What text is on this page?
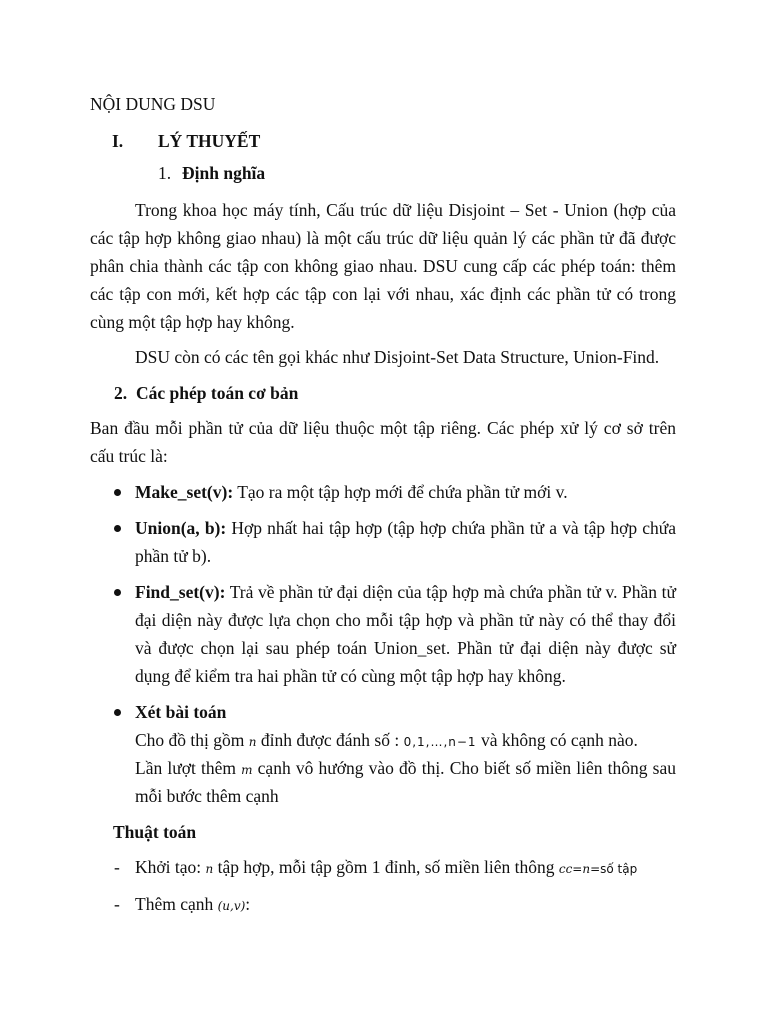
NỘI DUNG DSU
I. LÝ THUYẾT
1. Định nghĩa
Trong khoa học máy tính, Cấu trúc dữ liệu Disjoint – Set - Union (hợp của
các tập hợp không giao nhau) là một cấu trúc dữ liệu quản lý các phần tử đã được
phân chia thành các tập con không giao nhau. DSU cung cấp các phép toán: thêm
các tập con mới, kết hợp các tập con lại với nhau, xác định các phần tử có trong
cùng một tập hợp hay không.
DSU còn có các tên gọi khác như Disjoint-Set Data Structure, Union-Find.
2. Các phép toán cơ bản
Ban đầu mỗi phần tử của dữ liệu thuộc một tập riêng. Các phép xử lý cơ sở trên
cấu trúc là:
Make_set(v): Tạo ra một tập hợp mới để chứa phần tử mới v.
Union(a, b): Hợp nhất hai tập hợp (tập hợp chứa phần tử a và tập hợp chứa
phần tử b).
Find_set(v): Trả về phần tử đại diện của tập hợp mà chứa phần tử v. Phần tử
đại diện này được lựa chọn cho mỗi tập hợp và phần tử này có thể thay đổi
và được chọn lại sau phép toán Union_set. Phần tử đại diện này được sử
dụng để kiểm tra hai phần tử có cùng một tập hợp hay không.
Xét bài toán
Cho đồ thị gồm n đỉnh được đánh số : 0,1,…,n−1 và không có cạnh nào.
Lần lượt thêm m cạnh vô hướng vào đồ thị. Cho biết số miền liên thông sau
mỗi bước thêm cạnh
Thuật toán
- Khởi tạo: n tập hợp, mỗi tập gồm 1 đỉnh, số miền liên thông cc=n=số tập
- Thêm cạnh (u,v):
